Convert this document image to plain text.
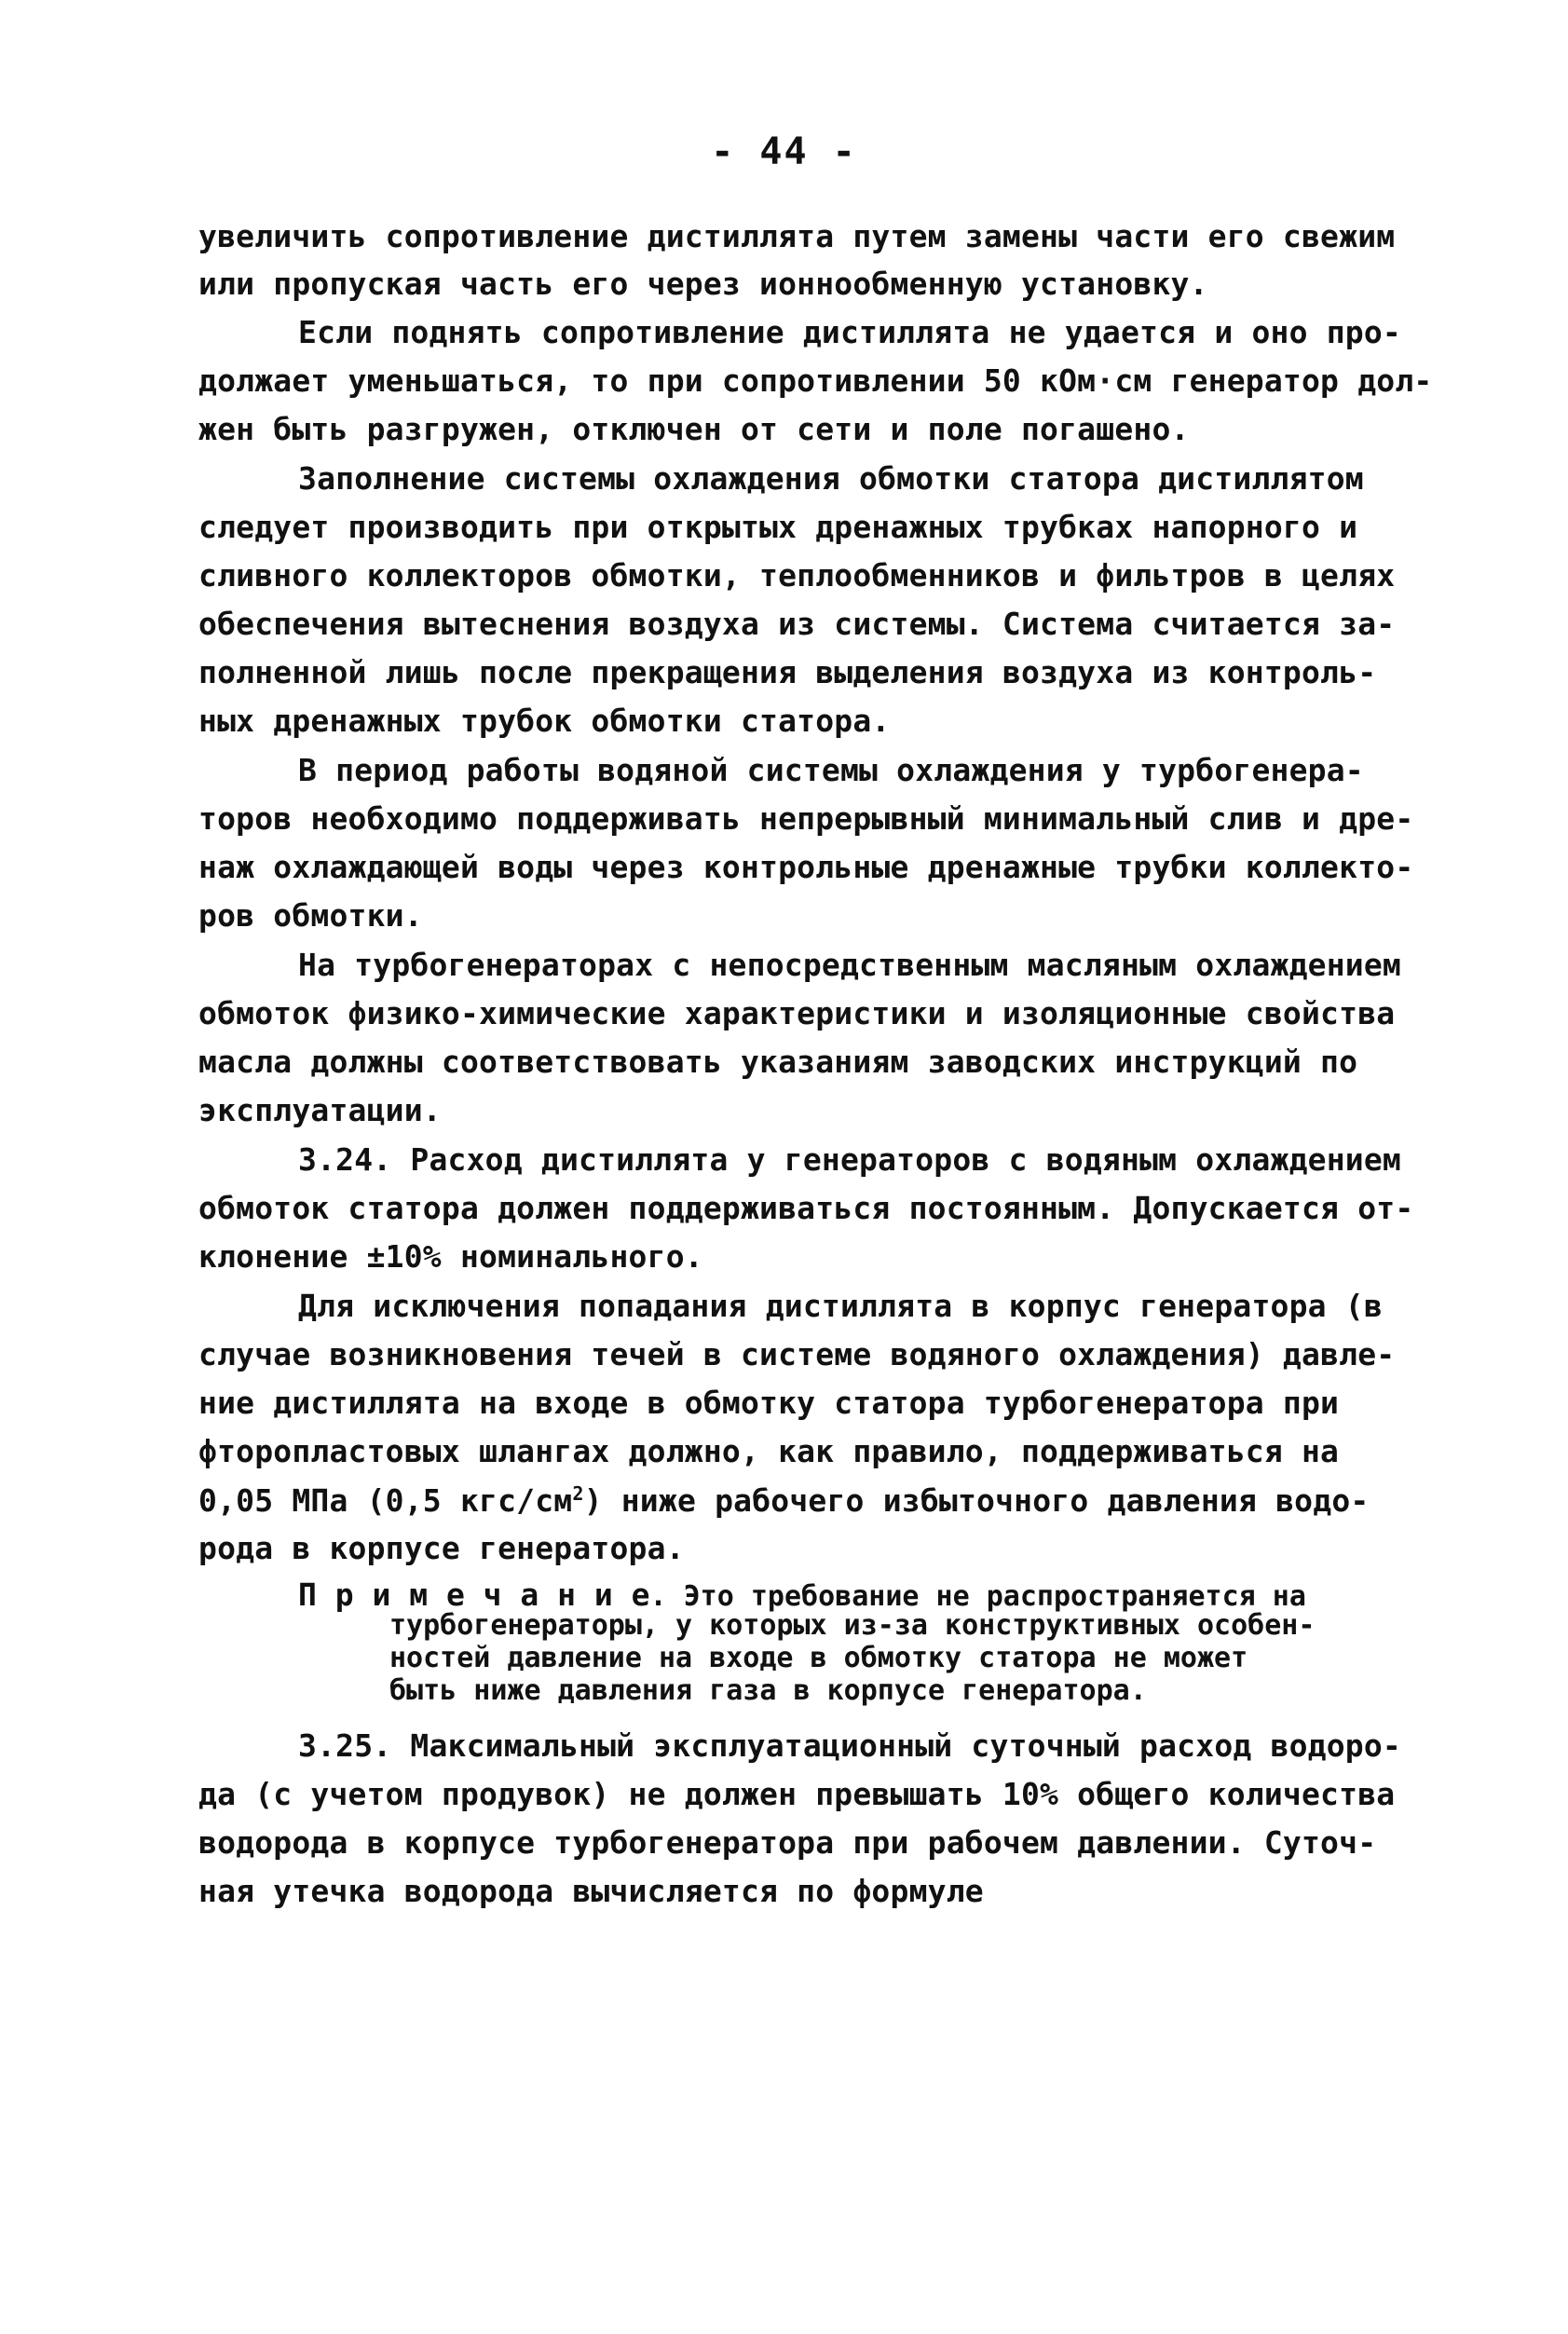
- 44 -
увеличить сопротивление дистиллята путем замены части его свежим
или пропуская часть его через ионнообменную установку.
Если поднять сопротивление дистиллята не удается и оно про-
должает уменьшаться, то при сопротивлении 50 кОм·см генератор дол-
жен быть разгружен, отключен от сети и поле погашено.
Заполнение системы охлаждения обмотки статора дистиллятом
следует производить при открытых дренажных трубках напорного и
сливного коллекторов обмотки, теплообменников и фильтров в целях
обеспечения вытеснения воздуха из системы. Система считается за-
полненной лишь после прекращения выделения воздуха из контроль-
ных дренажных трубок обмотки статора.
В период работы водяной системы охлаждения у турбогенера-
торов необходимо поддерживать непрерывный минимальный слив и дре-
наж охлаждающей воды через контрольные дренажные трубки коллекто-
ров обмотки.
На турбогенераторах с непосредственным масляным охлаждением
обмоток физико-химические характеристики и изоляционные свойства
масла должны соответствовать указаниям заводских инструкций по
эксплуатации.
3.24. Расход дистиллята у генераторов с водяным охлаждением
обмоток статора должен поддерживаться постоянным. Допускается от-
клонение ±10% номинального.
Для исключения попадания дистиллята в корпус генератора (в
случае возникновения течей в системе водяного охлаждения) давле-
ние дистиллята на входе в обмотку статора турбогенератора при
фторопластовых шлангах должно, как правило, поддерживаться на
0,05 МПа (0,5 кгс/$см^2$) ниже рабочего избыточного давления водо-
рода в корпусе генератора.
П р и м е ч а н и е. Это требование не распространяется на
турбогенераторы, у которых из-за конструктивных особен-
ностей давление на входе в обмотку статора не может
быть ниже давления газа в корпусе генератора.
3.25. Максимальный эксплуатационный суточный расход водоро-
да (с учетом продувок) не должен превышать 10% общего количества
водорода в корпусе турбогенератора при рабочем давлении. Суточ-
ная утечка водорода вычисляется по формуле
